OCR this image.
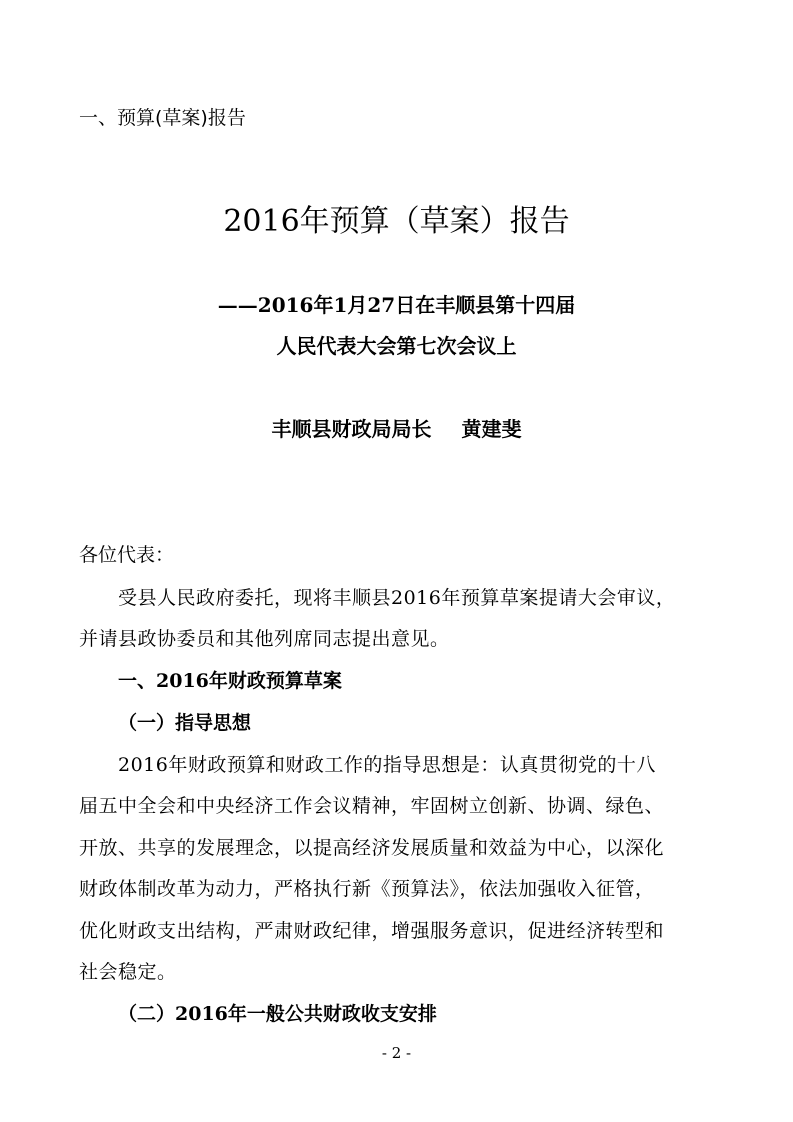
一、预算(草案)报告
2016年预算（草案）报告
——2016年1月27日在丰顺县第十四届
人民代表大会第七次会议上
丰顺县财政局局长 黄建斐
各位代表：
受县人民政府委托，现将丰顺县2016年预算草案提请大会审议，
并请县政协委员和其他列席同志提出意见。
一、2016年财政预算草案
（一）指导思想
2016年财政预算和财政工作的指导思想是：认真贯彻党的十八
届五中全会和中央经济工作会议精神，牢固树立创新、协调、绿色、
开放、共享的发展理念，以提高经济发展质量和效益为中心，以深化
财政体制改革为动力，严格执行新《预算法》，依法加强收入征管，
优化财政支出结构，严肃财政纪律，增强服务意识，促进经济转型和
社会稳定。
（二）2016年一般公共财政收支安排
- 2 -
